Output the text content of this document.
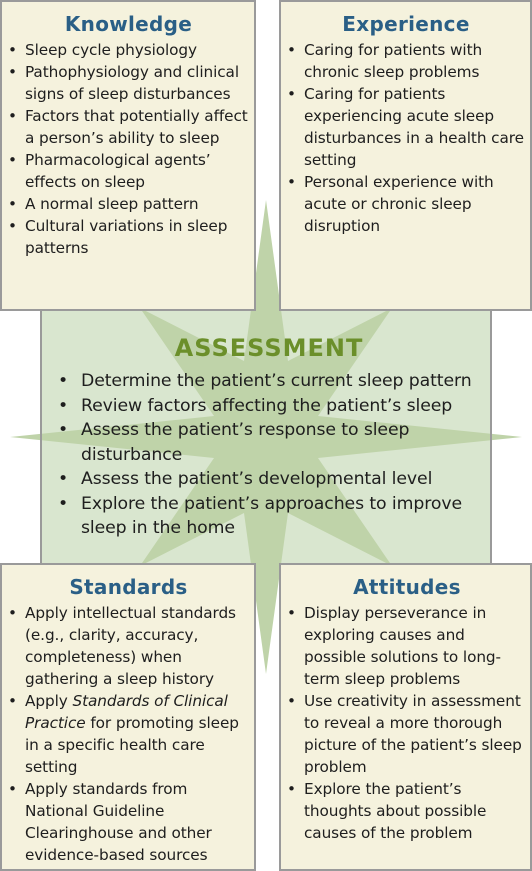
Knowledge
• Sleep cycle physiology
• Pathophysiology and clinical signs of sleep disturbances
• Factors that potentially affect a person’s ability to sleep
• Pharmacological agents’ effects on sleep
• A normal sleep pattern
• Cultural variations in sleep patterns
Experience
• Caring for patients with chronic sleep problems
• Caring for patients experiencing acute sleep disturbances in a health care setting
• Personal experience with acute or chronic sleep disruption
ASSESSMENT
• Determine the patient’s current sleep pattern
• Review factors affecting the patient’s sleep
• Assess the patient’s response to sleep disturbance
• Assess the patient’s developmental level
• Explore the patient’s approaches to improve sleep in the home
Standards
• Apply intellectual standards (e.g., clarity, accuracy, completeness) when gathering a sleep history
• Apply Standards of Clinical Practice for promoting sleep in a specific health care setting
• Apply standards from National Guideline Clearinghouse and other evidence-based sources
Attitudes
• Display perseverance in exploring causes and possible solutions to long-term sleep problems
• Use creativity in assessment to reveal a more thorough picture of the patient’s sleep problem
• Explore the patient’s thoughts about possible causes of the problem
